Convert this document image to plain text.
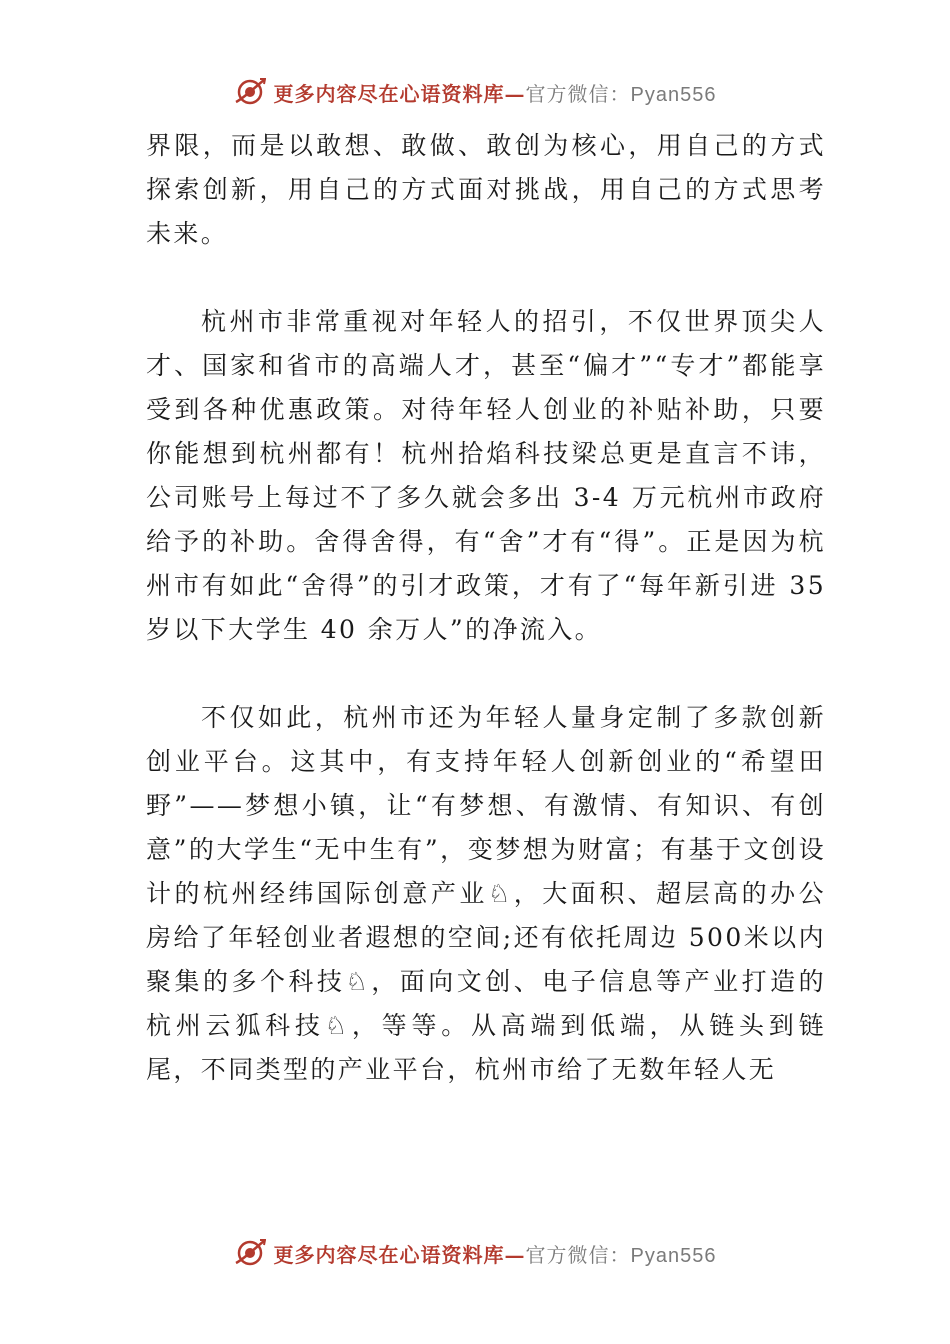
更多内容尽在心语资料库—官方微信：Pyan556

界限，而是以敢想、敢做、敢创为核心，用自己的方式探索创新，用自己的方式面对挑战，用自己的方式思考未来。

杭州市非常重视对年轻人的招引，不仅世界顶尖人才、国家和省市的高端人才，甚至“偏才”“专才”都能享受到各种优惠政策。对待年轻人创业的补贴补助，只要你能想到杭州都有！杭州拾焰科技梁总更是直言不讳，公司账号上每过不了多久就会多出 3-4 万元杭州市政府给予的补助。舍得舍得，有“舍”才有“得”。正是因为杭州市有如此“舍得”的引才政策，才有了“每年新引进 35 岁以下大学生 40 余万人”的净流入。

不仅如此，杭州市还为年轻人量身定制了多款创新创业平台。这其中，有支持年轻人创新创业的“希望田野”——梦想小镇，让“有梦想、有激情、有知识、有创意”的大学生“无中生有”，变梦想为财富；有基于文创设计的杭州经纬国际创意产业♘，大面积、超层高的办公房给了年轻创业者遐想的空间;还有依托周边 500米以内聚集的多个科技♘，面向文创、电子信息等产业打造的杭州云狐科技♘，等等。从高端到低端，从链头到链尾，不同类型的产业平台，杭州市给了无数年轻人无

更多内容尽在心语资料库—官方微信：Pyan556
